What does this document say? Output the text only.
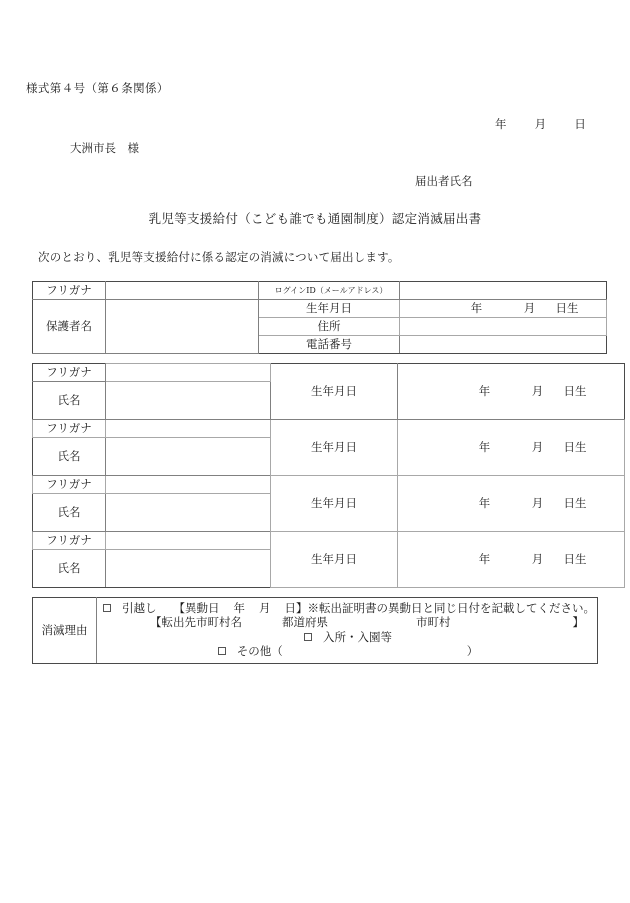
様式第４号（第６条関係）
年 月 日
大洲市長　様
届出者氏名
乳児等支援給付（こども誰でも通園制度）認定消滅届出書
次のとおり、乳児等支援給付に係る認定の消滅について届出します。
フリガナ		ログインID（メールアドレス）	
保護者名		生年月日	年 月 日生
		住所	
		電話番号	
フリガナ		生年月日	年 月 日生
氏名			
フリガナ		生年月日	年 月 日生
氏名			
フリガナ		生年月日	年 月 日生
氏名			
フリガナ		生年月日	年 月 日生
氏名			
消滅理由	
引越し 【異動日 年 月 日】※転出証明書の異動日と同じ日付を記載してください。
【転出先市町村名	都道府県	市町村	】
入所・入園等
その他（	）
